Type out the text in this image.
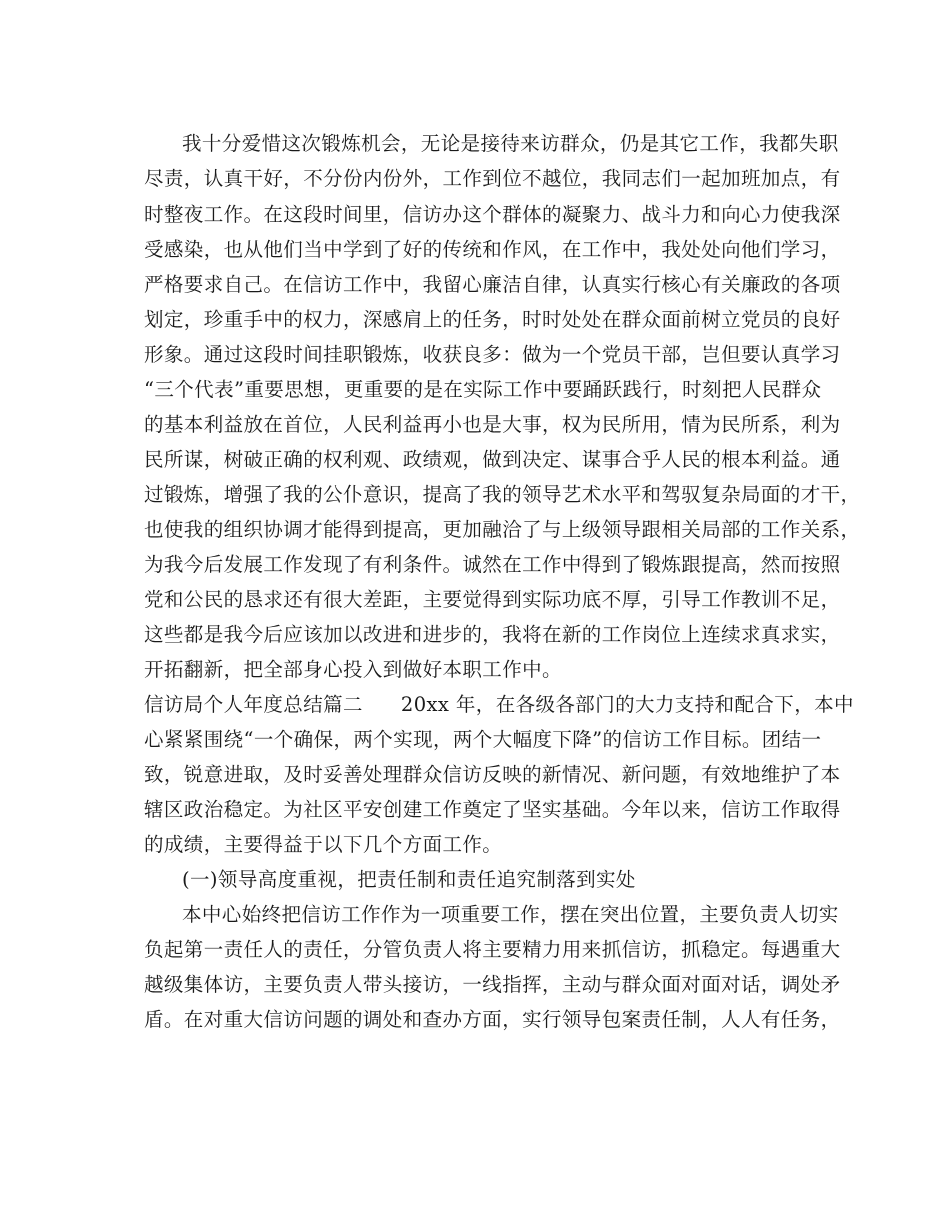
我十分爱惜这次锻炼机会，无论是接待来访群众，仍是其它工作，我都失职
尽责，认真干好，不分份内份外，工作到位不越位，我同志们一起加班加点，有
时整夜工作。在这段时间里，信访办这个群体的凝聚力、战斗力和向心力使我深
受感染，也从他们当中学到了好的传统和作风，在工作中，我处处向他们学习，
严格要求自己。在信访工作中，我留心廉洁自律，认真实行核心有关廉政的各项
划定，珍重手中的权力，深感肩上的任务，时时处处在群众面前树立党员的良好
形象。通过这段时间挂职锻炼，收获良多：做为一个党员干部，岂但要认真学习
“三个代表”重要思想，更重要的是在实际工作中要踊跃践行，时刻把人民群众
的基本利益放在首位，人民利益再小也是大事，权为民所用，情为民所系，利为
民所谋，树破正确的权利观、政绩观，做到决定、谋事合乎人民的根本利益。通
过锻炼，增强了我的公仆意识，提高了我的领导艺术水平和驾驭复杂局面的才干，
也使我的组织协调才能得到提高，更加融洽了与上级领导跟相关局部的工作关系，
为我今后发展工作发现了有利条件。诚然在工作中得到了锻炼跟提高，然而按照
党和公民的恳求还有很大差距，主要觉得到实际功底不厚，引导工作教训不足，
这些都是我今后应该加以改进和进步的，我将在新的工作岗位上连续求真求实，
开拓翻新，把全部身心投入到做好本职工作中。
信访局个人年度总结篇二 20xx 年，在各级各部门的大力支持和配合下，本中
心紧紧围绕“一个确保，两个实现，两个大幅度下降”的信访工作目标。团结一
致，锐意进取，及时妥善处理群众信访反映的新情况、新问题，有效地维护了本
辖区政治稳定。为社区平安创建工作奠定了坚实基础。今年以来，信访工作取得
的成绩，主要得益于以下几个方面工作。
(一)领导高度重视，把责任制和责任追究制落到实处
本中心始终把信访工作作为一项重要工作，摆在突出位置，主要负责人切实
负起第一责任人的责任，分管负责人将主要精力用来抓信访，抓稳定。每遇重大
越级集体访，主要负责人带头接访，一线指挥，主动与群众面对面对话，调处矛
盾。在对重大信访问题的调处和查办方面，实行领导包案责任制，人人有任务，
